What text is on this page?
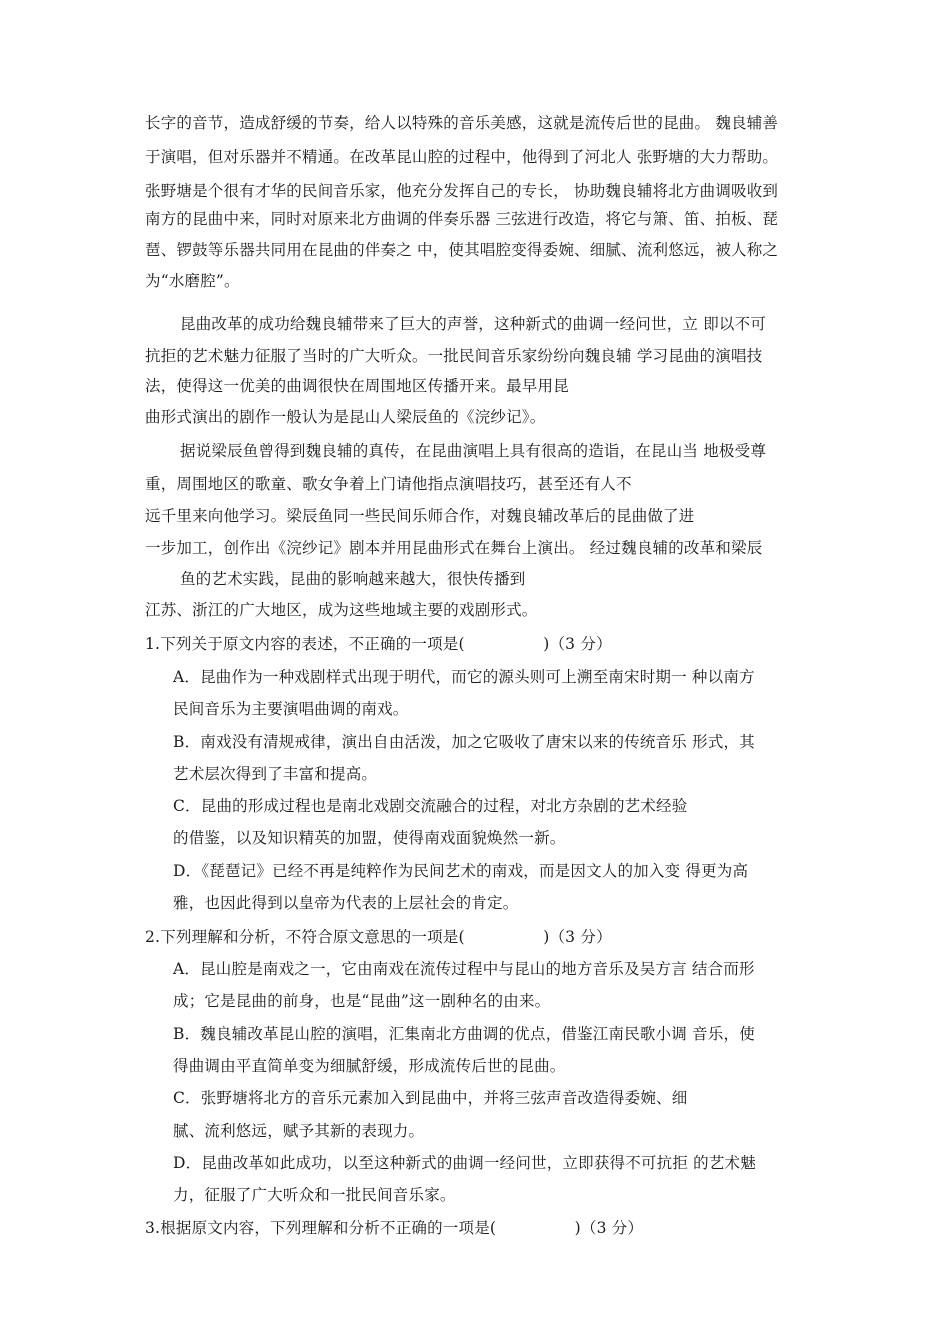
长字的音节，造成舒缓的节奏，给人以特殊的音乐美感，这就是流传后世的昆曲。 魏良辅善
于演唱，但对乐器并不精通。在改革昆山腔的过程中，他得到了河北人 张野塘的大力帮助。
张野塘是个很有才华的民间音乐家，他充分发挥自己的专长， 协助魏良辅将北方曲调吸收到
南方的昆曲中来，同时对原来北方曲调的伴奏乐器 三弦进行改造，将它与箫、笛、拍板、琵
琶、锣鼓等乐器共同用在昆曲的伴奏之 中，使其唱腔变得委婉、细腻、流利悠远，被人称之
为“水磨腔”。
昆曲改革的成功给魏良辅带来了巨大的声誉，这种新式的曲调一经问世，立 即以不可
抗拒的艺术魅力征服了当时的广大听众。一批民间音乐家纷纷向魏良辅 学习昆曲的演唱技
法，使得这一优美的曲调很快在周围地区传播开来。最早用昆
曲形式演出的剧作一般认为是昆山人梁辰鱼的《浣纱记》。
据说梁辰鱼曾得到魏良辅的真传，在昆曲演唱上具有很高的造诣，在昆山当 地极受尊
重，周围地区的歌童、歌女争着上门请他指点演唱技巧，甚至还有人不
远千里来向他学习。梁辰鱼同一些民间乐师合作，对魏良辅改革后的昆曲做了进
一步加工，创作出《浣纱记》剧本并用昆曲形式在舞台上演出。 经过魏良辅的改革和梁辰
鱼的艺术实践，昆曲的影响越来越大，很快传播到
江苏、浙江的广大地区，成为这些地域主要的戏剧形式。
1.下列关于原文内容的表述，不正确的一项是(　　　　　)（3 分）
A．昆曲作为一种戏剧样式出现于明代，而它的源头则可上溯至南宋时期一 种以南方
民间音乐为主要演唱曲调的南戏。
B．南戏没有清规戒律，演出自由活泼，加之它吸收了唐宋以来的传统音乐 形式，其
艺术层次得到了丰富和提高。
C．昆曲的形成过程也是南北戏剧交流融合的过程，对北方杂剧的艺术经验
的借鉴，以及知识精英的加盟，使得南戏面貌焕然一新。
D．《琵琶记》已经不再是纯粹作为民间艺术的南戏，而是因文人的加入变 得更为高
雅，也因此得到以皇帝为代表的上层社会的肯定。
2.下列理解和分析，不符合原文意思的一项是(　　　　　)（3 分）
A．昆山腔是南戏之一，它由南戏在流传过程中与昆山的地方音乐及吴方言 结合而形
成；它是昆曲的前身，也是“昆曲”这一剧种名的由来。
B．魏良辅改革昆山腔的演唱，汇集南北方曲调的优点，借鉴江南民歌小调 音乐，使
得曲调由平直简单变为细腻舒缓，形成流传后世的昆曲。
C．张野塘将北方的音乐元素加入到昆曲中，并将三弦声音改造得委婉、细
腻、流利悠远，赋予其新的表现力。
D．昆曲改革如此成功，以至这种新式的曲调一经问世，立即获得不可抗拒 的艺术魅
力，征服了广大听众和一批民间音乐家。
3.根据原文内容，下列理解和分析不正确的一项是(　　　　　)（3 分）
